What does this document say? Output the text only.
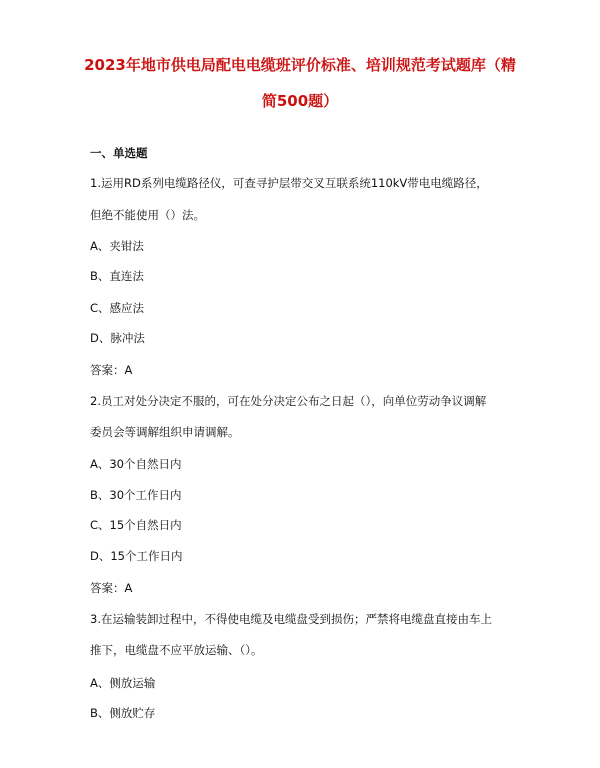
2023年地市供电局配电电缆班评价标准、培训规范考试题库（精
简500题）
一、单选题
1.运用RD系列电缆路径仪，可查寻护层带交叉互联系统110kV带电电缆路径，
但绝不能使用（）法。
A、夹钳法
B、直连法
C、感应法
D、脉冲法
答案：A
2.员工对处分决定不服的，可在处分决定公布之日起（），向单位劳动争议调解
委员会等调解组织申请调解。
A、30个自然日内
B、30个工作日内
C、15个自然日内
D、15个工作日内
答案：A
3.在运输装卸过程中，不得使电缆及电缆盘受到损伤；严禁将电缆盘直接由车上
推下，电缆盘不应平放运输、（）。
A、侧放运输
B、侧放贮存
